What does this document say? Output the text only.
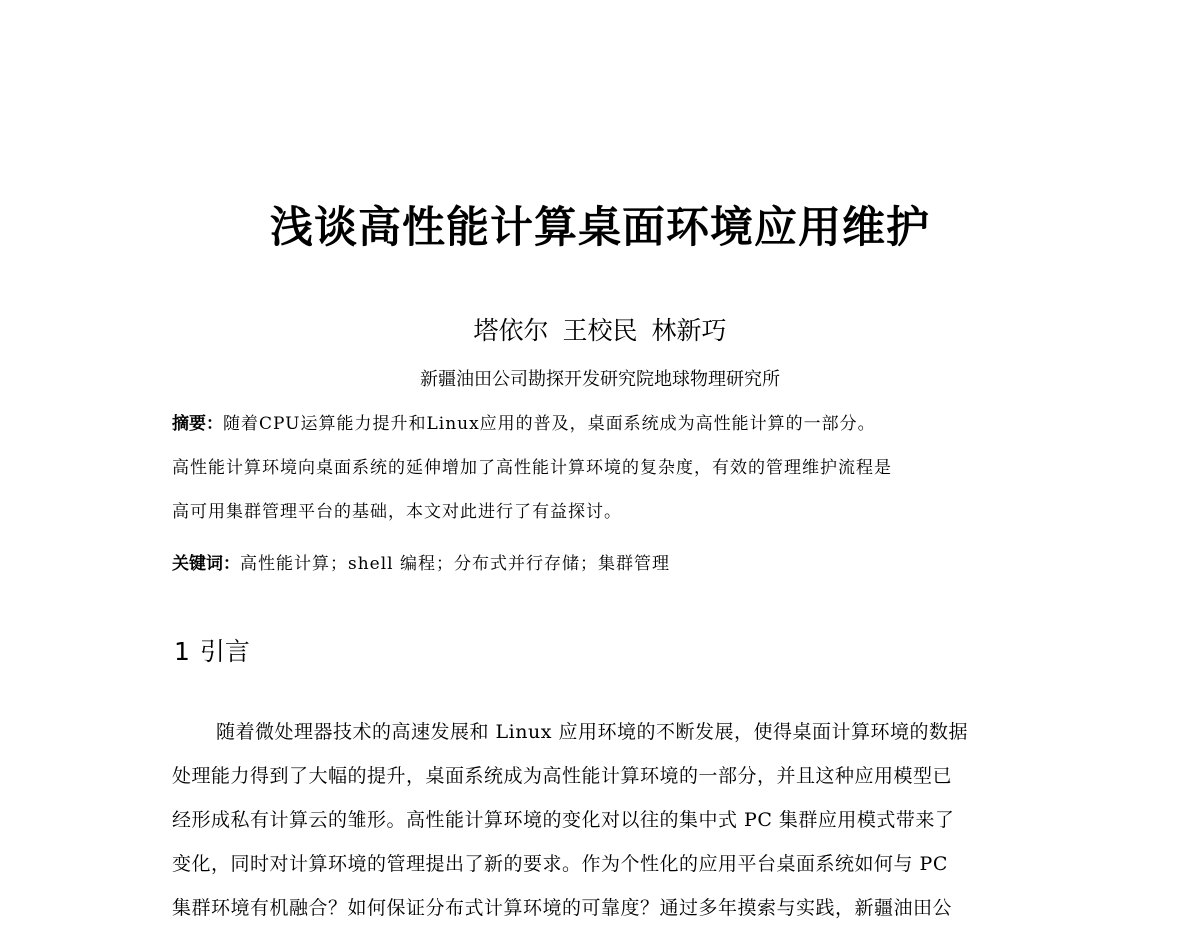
浅谈高性能计算桌面环境应用维护
塔依尔 王校民 林新巧
新疆油田公司勘探开发研究院地球物理研究所
摘要：随着CPU运算能力提升和Linux应用的普及，桌面系统成为高性能计算的一部分。
高性能计算环境向桌面系统的延伸增加了高性能计算环境的复杂度，有效的管理维护流程是
高可用集群管理平台的基础，本文对此进行了有益探讨。
关键词：高性能计算；shell 编程；分布式并行存储；集群管理
1 引言
随着微处理器技术的高速发展和 Linux 应用环境的不断发展，使得桌面计算环境的数据
处理能力得到了大幅的提升，桌面系统成为高性能计算环境的一部分，并且这种应用模型已
经形成私有计算云的雏形。高性能计算环境的变化对以往的集中式 PC 集群应用模式带来了
变化，同时对计算环境的管理提出了新的要求。作为个性化的应用平台桌面系统如何与 PC
集群环境有机融合？如何保证分布式计算环境的可靠度？通过多年摸索与实践，新疆油田公
